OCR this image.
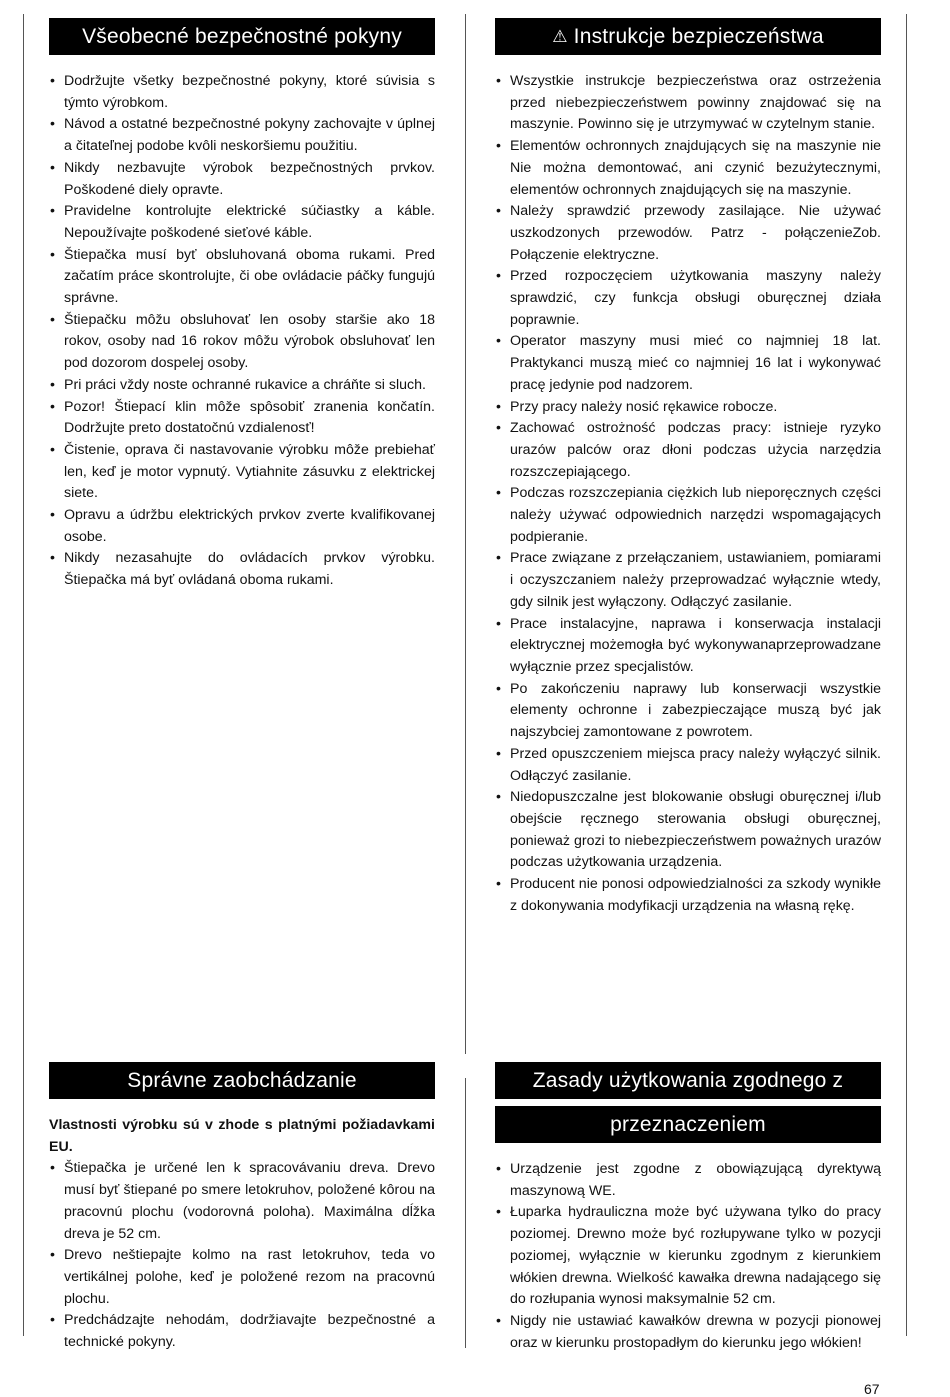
Všeobecné bezpečnostné pokyny
• Dodržujte všetky bezpečnostné pokyny, ktoré súvisia s týmto výrobkom.
• Návod a ostatné bezpečnostné pokyny zachovajte v úplnej a čitateľnej podobe kvôli neskoršiemu použitiu.
• Nikdy nezbavujte výrobok bezpečnostných prvkov. Poškodené diely opravte.
• Pravidelne kontrolujte elektrické súčiastky a káble. Nepoužívajte poškodené sieťové káble.
• Štiepačka musí byť obsluhovaná oboma rukami. Pred začatím práce skontrolujte, či obe ovládacie páčky fungujú správne.
• Štiepačku môžu obsluhovať len osoby staršie ako 18 rokov, osoby nad 16 rokov môžu výrobok obsluhovať len pod dozorom dospelej osoby.
• Pri práci vždy noste ochranné rukavice a chráňte si sluch.
• Pozor! Štiepací klin môže spôsobiť zranenia končatín. Dodržujte preto dostatočnú vzdialenosť!
• Čistenie, oprava či nastavovanie výrobku môže prebiehať len, keď je motor vypnutý. Vytiahnite zásuvku z elektrickej siete.
• Opravu a údržbu elektrických prvkov zverte kvalifikovanej osobe.
• Nikdy nezasahujte do ovládacích prvkov výrobku. Štiepačka má byť ovládaná oboma rukami.
⚠ Instrukcje bezpieczeństwa
• Wszystkie instrukcje bezpieczeństwa oraz ostrzeżenia przed niebezpieczeństwem powinny znajdować się na maszynie. Powinno się je utrzymywać w czytelnym stanie.
• Elementów ochronnych znajdujących się na maszynie nie Nie można demontować, ani czynić bezużytecznymi, elementów ochronnych znajdujących się na maszynie.
• Należy sprawdzić przewody zasilające. Nie używać uszkodzonych przewodów. Patrz - połączenieZob. Połączenie elektryczne.
• Przed rozpoczęciem użytkowania maszyny należy sprawdzić, czy funkcja obsługi oburęcznej działa poprawnie.
• Operator maszyny musi mieć co najmniej 18 lat. Praktykanci muszą mieć co najmniej 16 lat i wykonywać pracę jedynie pod nadzorem.
• Przy pracy należy nosić rękawice robocze.
• Zachować ostrożność podczas pracy: istnieje ryzyko urazów palców oraz dłoni podczas użycia narzędzia rozszczepiającego.
• Podczas rozszczepiania ciężkich lub nieporęcznych części należy używać odpowiednich narzędzi wspomagających podpieranie.
• Prace związane z przełączaniem, ustawianiem, pomiarami i oczyszczaniem należy przeprowadzać wyłącznie wtedy, gdy silnik jest wyłączony. Odłączyć zasilanie.
• Prace instalacyjne, naprawa i konserwacja instalacji elektrycznej możemogła być wykonywanaprzeprowadzane wyłącznie przez specjalistów.
• Po zakończeniu naprawy lub konserwacji wszystkie elementy ochronne i zabezpieczające muszą być jak najszybciej zamontowane z powrotem.
• Przed opuszczeniem miejsca pracy należy wyłączyć silnik. Odłączyć zasilanie.
• Niedopuszczalne jest blokowanie obsługi oburęcznej i/lub obejście ręcznego sterowania obsługi oburęcznej, ponieważ grozi to niebezpieczeństwem poważnych urazów podczas użytkowania urządzenia.
• Producent nie ponosi odpowiedzialności za szkody wynikłe z dokonywania modyfikacji urządzenia na własną rękę.
Správne zaobchádzanie

Vlastnosti výrobku sú v zhode s platnými požiadavkami EU.

• Štiepačka je určené len k spracovávaniu dreva. Drevo musí byť štiepané po smere letokruhov, položené kôrou na pracovnú plochu (vodorovná poloha). Maximálna dĺžka dreva je 52 cm.
• Drevo neštiepajte kolmo na rast letokruhov, teda vo vertikálnej polohe, keď je položené rezom na pracovnú plochu.
• Predchádzajte nehodám, dodržiavajte bezpečnostné a technické pokyny.
Zasady użytkowania zgodnego z
przeznaczeniem
• Urządzenie jest zgodne z obowiązującą dyrektywą maszynową WE.
• Łuparka hydrauliczna może być używana tylko do pracy poziomej. Drewno może być rozłupywane tylko w pozycji poziomej, wyłącznie w kierunku zgodnym z kierunkiem włókien drewna. Wielkość kawałka drewna nadającego się do rozłupania wynosi maksymalnie 52 cm.
• Nigdy nie ustawiać kawałków drewna w pozycji pionowej oraz w kierunku prostopadłym do kierunku jego włókien!
67
